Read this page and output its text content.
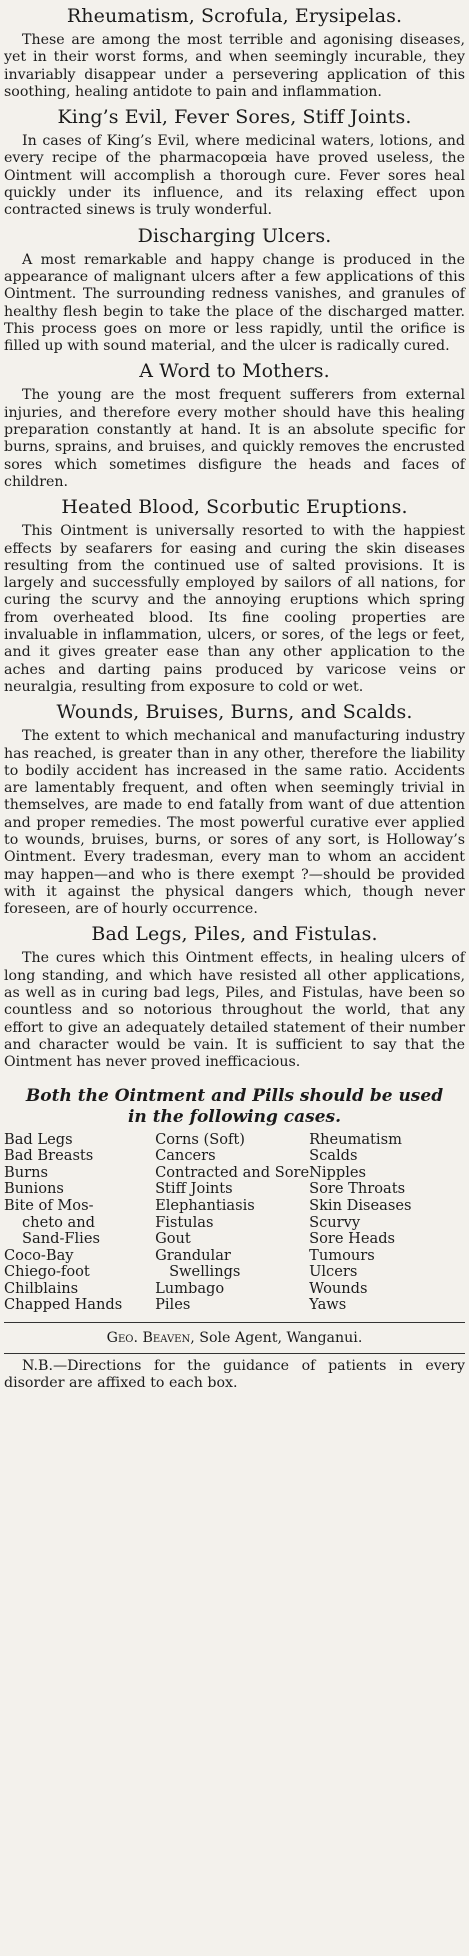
Rheumatism, Scrofula, Erysipelas.

These are among the most terrible and agonising diseases, yet in their worst forms, and when seemingly incurable, they invariably disappear under a persevering application of this soothing, healing antidote to pain and inflammation.

King’s Evil, Fever Sores, Stiff Joints.

In cases of King’s Evil, where medicinal waters, lotions, and every recipe of the pharmacopœia have proved useless, the Ointment will accomplish a thorough cure. Fever sores heal quickly under its influence, and its relaxing effect upon contracted sinews is truly wonderful.

Discharging Ulcers.

A most remarkable and happy change is produced in the appearance of malignant ulcers after a few applications of this Ointment. The surrounding redness vanishes, and granules of healthy flesh begin to take the place of the discharged matter. This process goes on more or less rapidly, until the orifice is filled up with sound material, and the ulcer is radically cured.

A Word to Mothers.

The young are the most frequent sufferers from external injuries, and therefore every mother should have this healing preparation constantly at hand. It is an absolute specific for burns, sprains, and bruises, and quickly removes the encrusted sores which sometimes disfigure the heads and faces of children.

Heated Blood, Scorbutic Eruptions.

This Ointment is universally resorted to with the happiest effects by seafarers for easing and curing the skin diseases resulting from the continued use of salted provisions. It is largely and successfully employed by sailors of all nations, for curing the scurvy and the annoying eruptions which spring from overheated blood. Its fine cooling properties are invaluable in inflammation, ulcers, or sores, of the legs or feet, and it gives greater ease than any other application to the aches and darting pains produced by varicose veins or neuralgia, resulting from exposure to cold or wet.

Wounds, Bruises, Burns, and Scalds.

The extent to which mechanical and manufacturing industry has reached, is greater than in any other, therefore the liability to bodily accident has increased in the same ratio. Accidents are lamentably frequent, and often when seemingly trivial in themselves, are made to end fatally from want of due attention and proper remedies. The most powerful curative ever applied to wounds, bruises, burns, or sores of any sort, is Holloway’s Ointment. Every tradesman, every man to whom an accident may happen—and who is there exempt ?—should be provided with it against the physical dangers which, though never foreseen, are of hourly occurrence.

Bad Legs, Piles, and Fistulas.

The cures which this Ointment effects, in healing ulcers of long standing, and which have resisted all other applications, as well as in curing bad legs, Piles, and Fistulas, have been so countless and so notorious throughout the world, that any effort to give an adequately detailed statement of their number and character would be vain. It is sufficient to say that the Ointment has never proved inefficacious.

Both the Ointment and Pills should be used
in the following cases.
Bad Legs	Corns (Soft)	Rheumatism
Bad Breasts	Cancers	Scalds
Burns	Contracted and Sore	Nipples
Bunions	Stiff Joints	Sore Throats
Bite of Mos-	Elephantiasis	Skin Diseases
cheto and	Fistulas	Scurvy
Sand-Flies	Gout	Sore Heads
Coco-Bay	Grandular	Tumours
Chiego-foot	Swellings	Ulcers
Chilblains	Lumbago	Wounds
Chapped Hands	Piles	Yaws
Geo. Beaven, Sole Agent, Wanganui.

N.B.—Directions for the guidance of patients in every disorder are affixed to each box.
